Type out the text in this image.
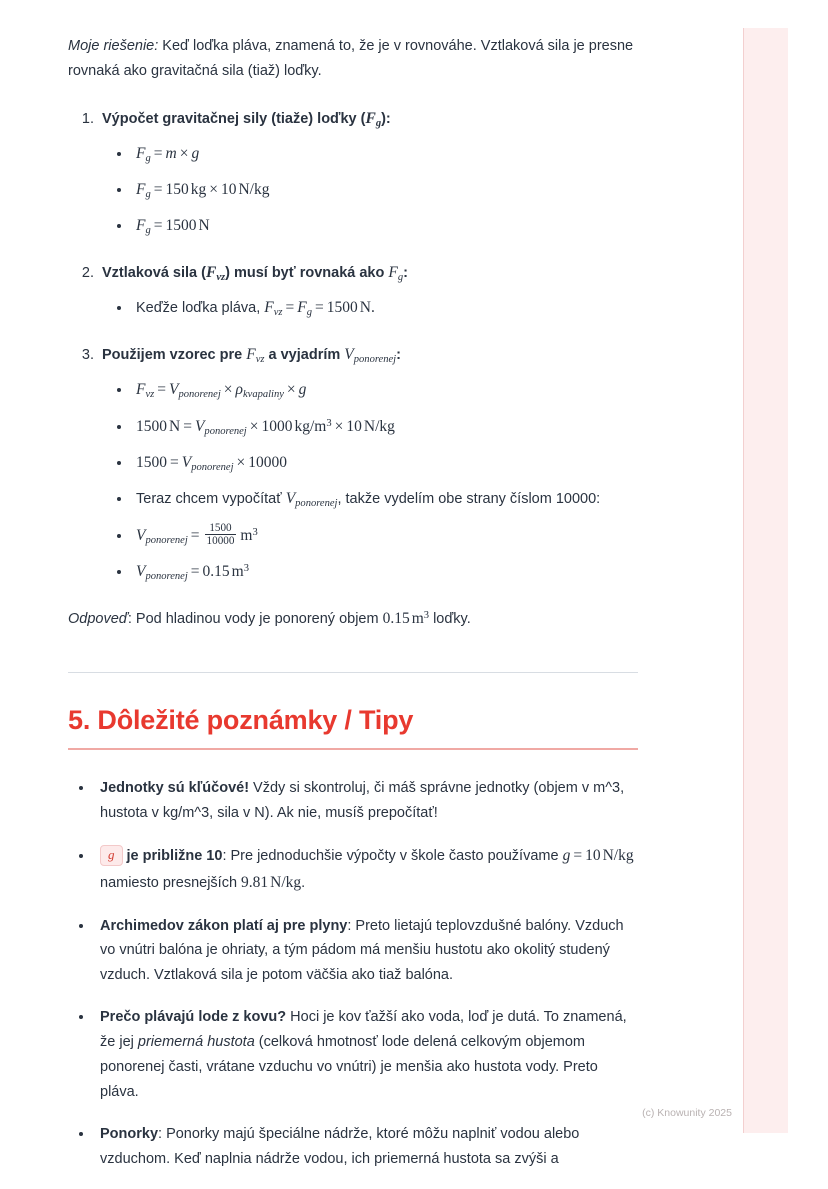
Moje riešenie: Keď loďka pláva, znamená to, že je v rovnováhe. Vztlaková sila je presne rovnaká ako gravitačná sila (tiaž) loďky.

1. Výpočet gravitačnej sily (tiaže) loďky (Fg):
• Fg = m × g
• Fg = 150 kg × 10 N/kg
• Fg = 1500 N
2. Vztlaková sila (Fvz) musí byť rovnaká ako Fg:
• Keďže loďka pláva, Fvz = Fg = 1500 N.
3. Použijem vzorec pre Fvz a vyjadrím Vponorenej:
• Fvz = Vponorenej × ρkvapaliny × g
• 1500 N = Vponorenej × 1000 $kg/m^3 \times 10$ N/kg
• 1500 = Vponorenej × 10000
• Teraz chcem vypočítať Vponorenej, takže vydelím obe strany číslom 10000:
• Vponorenej = $\frac{1500}{10000} m^3$
• Vponorenej = 0.15 $m^3$

Odpoveď: Pod hladinou vody je ponorený objem 0.15 $m^3$ loďky.

5. Dôležité poznámky / Tipy
• Jednotky sú kľúčové! Vždy si skontroluj, či máš správne jednotky (objem v m^3, hustota v kg/m^3, sila v N). Ak nie, musíš prepočítať!
• g je približne 10: Pre jednoduchšie výpočty v škole často používame g = 10 N/kg namiesto presnejších 9.81 N/kg.
• Archimedov zákon platí aj pre plyny: Preto lietajú teplovzdušné balóny. Vzduch vo vnútri balóna je ohriaty, a tým pádom má menšiu hustotu ako okolitý studený vzduch. Vztlaková sila je potom väčšia ako tiaž balóna.
• Prečo plávajú lode z kovu? Hoci je kov ťažší ako voda, loď je dutá. To znamená, že jej priemerná hustota (celková hmotnosť lode delená celkovým objemom ponorenej časti, vrátane vzduchu vo vnútri) je menšia ako hustota vody. Preto pláva.
• Ponorky: Ponorky majú špeciálne nádrže, ktoré môžu naplniť vodou alebo vzduchom. Keď naplnia nádrže vodou, ich priemerná hustota sa zvýši a
(c) Knowunity 2025
